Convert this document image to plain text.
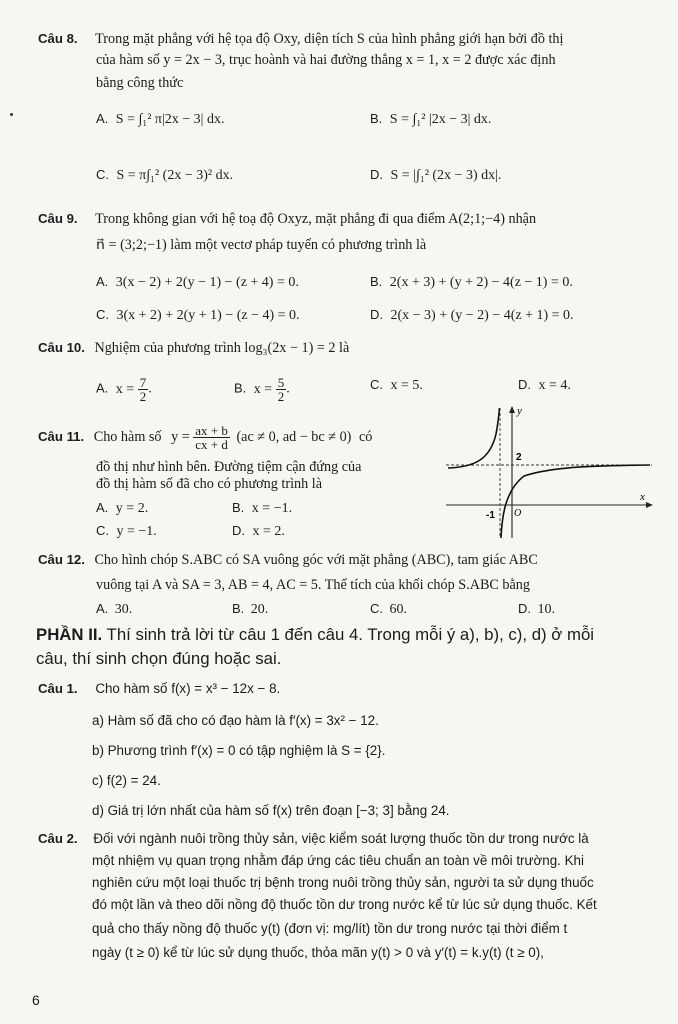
Câu 8. Trong mặt phẳng với hệ tọa độ Oxy, diện tích S của hình phẳng giới hạn bởi đồ thị
của hàm số y = 2x − 3, trục hoành và hai đường thẳng x = 1, x = 2 được xác định
bằng công thức
A. S = ∫₁² π|2x − 3| dx.	B. S = ∫₁² |2x − 3| dx.
C. S = π∫₁² (2x − 3)² dx.	D. S = |∫₁² (2x − 3) dx|.
Câu 9. Trong không gian với hệ toạ độ Oxyz, mặt phẳng đi qua điểm A(2;1;−4) nhận
n⃗ = (3;2;−1) làm một vectơ pháp tuyến có phương trình là
A. 3(x − 2) + 2(y − 1) − (z + 4) = 0.	B. 2(x + 3) + (y + 2) − 4(z − 1) = 0.
C. 3(x + 2) + 2(y + 1) − (z − 4) = 0.	D. 2(x − 3) + (y − 2) − 4(z + 1) = 0.
Câu 10. Nghiệm của phương trình log₃(2x − 1) = 2 là
A. $x = \frac{7}{2}$ .	B. $x = \frac{5}{2}$ .	C. x = 5.	D. x = 4.
Câu 11. Cho hàm số $y = \frac{ax + b}{cx + d} (ac \ne 0$, ad − bc ≠ 0) có
đồ thị như hình bên. Đường tiệm cận đứng của
đồ thị hàm số đã cho có phương trình là
A. y = 2.	B. x = −1.
C. y = −1.	D. x = 2.
y
x
2
-1 O
Câu 12. Cho hình chóp S.ABC có SA vuông góc với mặt phẳng (ABC), tam giác ABC
vuông tại A và SA = 3, AB = 4, AC = 5. Thể tích của khối chóp S.ABC bằng
A. 30.	B. 20.	C. 60.	D. 10.
PHẦN II. Thí sinh trả lời từ câu 1 đến câu 4. Trong mỗi ý a), b), c), d) ở mỗi
câu, thí sinh chọn đúng hoặc sai.
Câu 1. Cho hàm số f(x) = x³ − 12x − 8.
a) Hàm số đã cho có đạo hàm là f′(x) = 3x² − 12.
b) Phương trình f′(x) = 0 có tập nghiệm là S = {2}.
c) f(2) = 24.
d) Giá trị lớn nhất của hàm số f(x) trên đoạn [−3; 3] bằng 24.
Câu 2. Đối với ngành nuôi trồng thủy sản, việc kiểm soát lượng thuốc tồn dư trong nước là
một nhiệm vụ quan trọng nhằm đáp ứng các tiêu chuẩn an toàn về môi trường. Khi
nghiên cứu một loại thuốc trị bệnh trong nuôi trồng thủy sản, người ta sử dụng thuốc
đó một lần và theo dõi nồng độ thuốc tồn dư trong nước kể từ lúc sử dụng thuốc. Kết
quả cho thấy nồng độ thuốc y(t) (đơn vị: mg/lít) tồn dư trong nước tại thời điểm t
ngày (t ≥ 0) kể từ lúc sử dụng thuốc, thỏa mãn y(t) > 0 và y′(t) = k.y(t) (t ≥ 0),
6
